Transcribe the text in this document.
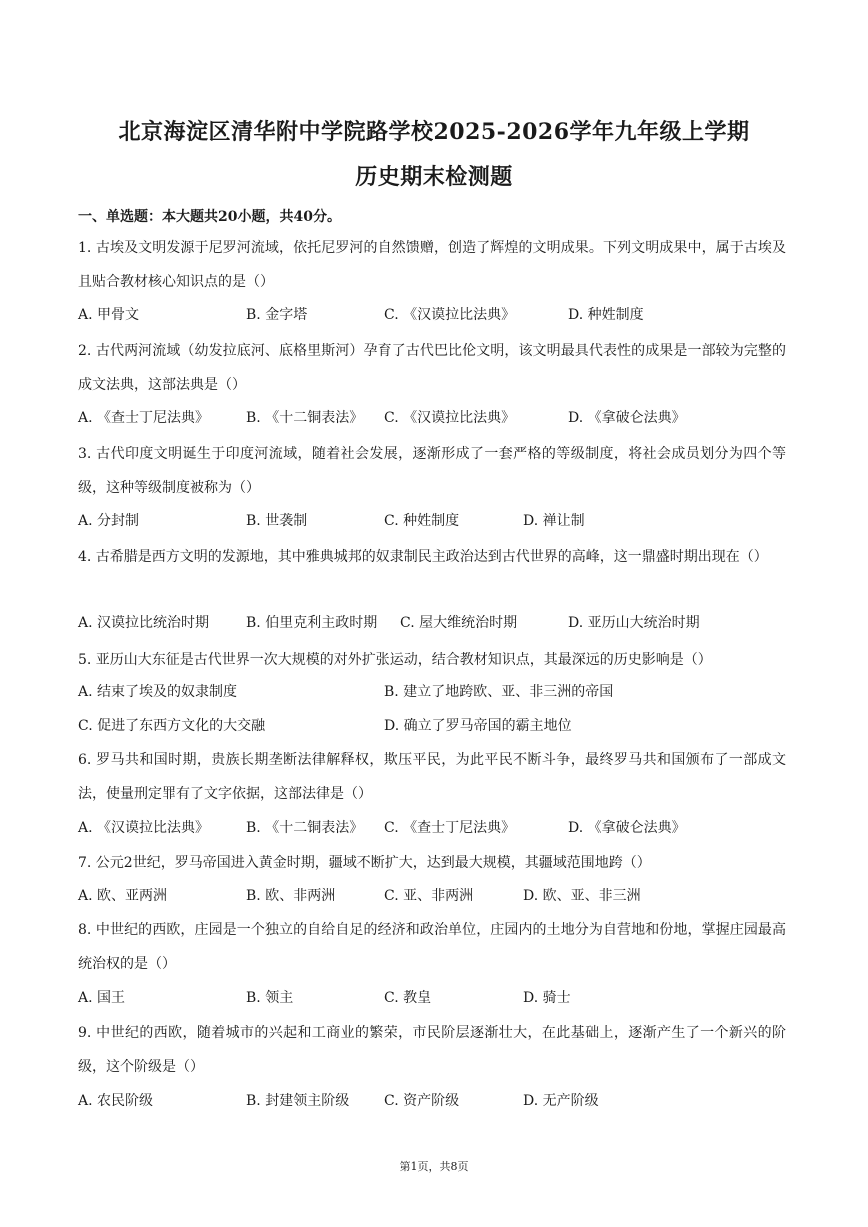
北京海淀区清华附中学院路学校2025-2026学年九年级上学期
历史期末检测题
一、单选题：本大题共20小题，共40分。
1. 古埃及文明发源于尼罗河流域，依托尼罗河的自然馈赠，创造了辉煌的文明成果。下列文明成果中，属于古埃及且贴合教材核心知识点的是（）
A. 甲骨文	B. 金字塔	C. 《汉谟拉比法典》	D. 种姓制度
2. 古代两河流域（幼发拉底河、底格里斯河）孕育了古代巴比伦文明，该文明最具代表性的成果是一部较为完整的成文法典，这部法典是（）
A. 《查士丁尼法典》	B. 《十二铜表法》 C. 《汉谟拉比法典》	D. 《拿破仑法典》
3. 古代印度文明诞生于印度河流域，随着社会发展，逐渐形成了一套严格的等级制度，将社会成员划分为四个等级，这种等级制度被称为（）
A. 分封制	B. 世袭制	C. 种姓制度	D. 禅让制
4. 古希腊是西方文明的发源地，其中雅典城邦的奴隶制民主政治达到古代世界的高峰，这一鼎盛时期出现在（）
A. 汉谟拉比统治时期	B. 伯里克利主政时期 C. 屋大维统治时期	D. 亚历山大统治时期
5. 亚历山大东征是古代世界一次大规模的对外扩张运动，结合教材知识点，其最深远的历史影响是（）
A. 结束了埃及的奴隶制度	B. 建立了地跨欧、亚、非三洲的帝国
C. 促进了东西方文化的大交融	D. 确立了罗马帝国的霸主地位
6. 罗马共和国时期，贵族长期垄断法律解释权，欺压平民，为此平民不断斗争，最终罗马共和国颁布了一部成文法，使量刑定罪有了文字依据，这部法律是（）
A. 《汉谟拉比法典》	B. 《十二铜表法》 C. 《查士丁尼法典》	D. 《拿破仑法典》
7. 公元2世纪，罗马帝国进入黄金时期，疆域不断扩大，达到最大规模，其疆域范围地跨（）
A. 欧、亚两洲	B. 欧、非两洲	C. 亚、非两洲	D. 欧、亚、非三洲
8. 中世纪的西欧，庄园是一个独立的自给自足的经济和政治单位，庄园内的土地分为自营地和份地，掌握庄园最高统治权的是（）
A. 国王	B. 领主	C. 教皇	D. 骑士
9. 中世纪的西欧，随着城市的兴起和工商业的繁荣，市民阶层逐渐壮大，在此基础上，逐渐产生了一个新兴的阶级，这个阶级是（）
A. 农民阶级	B. 封建领主阶级 C. 资产阶级	D. 无产阶级
第1页，共8页
